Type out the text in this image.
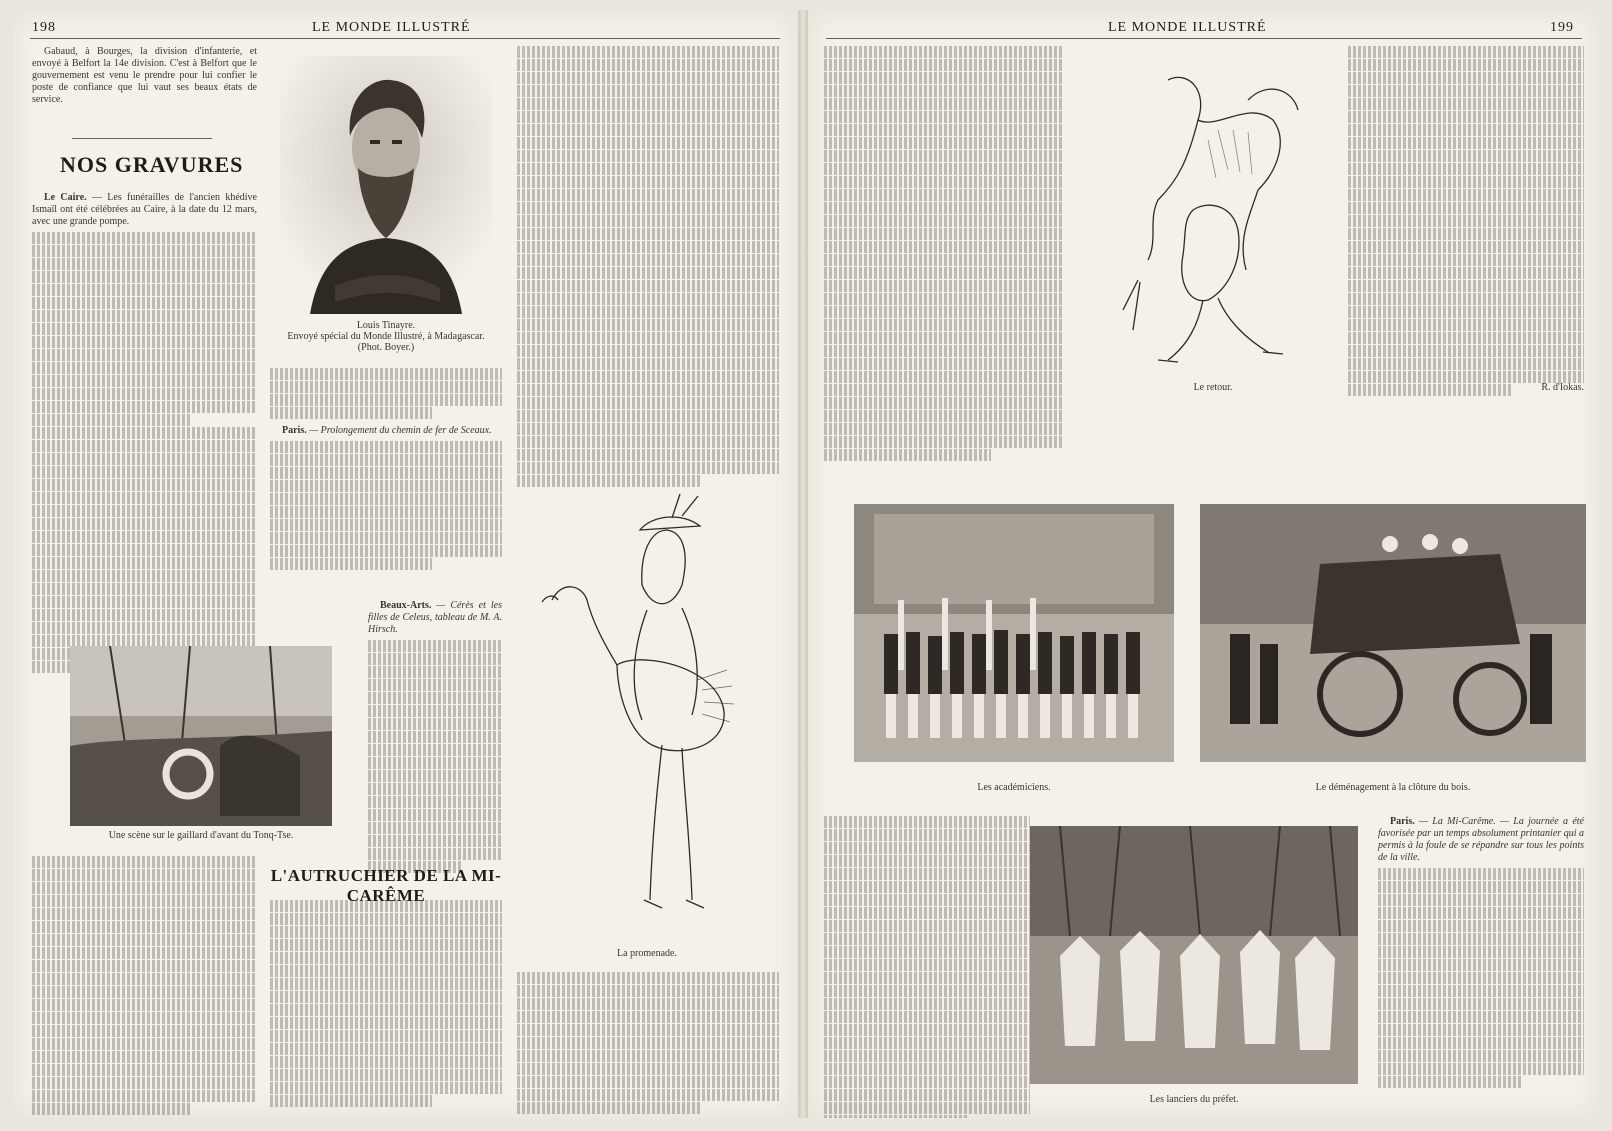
198	LE MONDE ILLUSTRÉ

Gabaud, à Bourges, la division d'infanterie, et envoyé à Belfort la 14e division. C'est à Belfort que le gouvernement est venu le prendre pour lui confier le poste de confiance que lui vaut ses beaux états de service.

NOS GRAVURES

Le Caire. — Les funérailles de l'ancien khédive Ismaïl ont été célébrées au Caire, à la date du 12 mars, avec une grande pompe.

Louis Tinayre.
Envoyé spécial du Monde Illustré, à Madagascar.
(Phot. Boyer.)

Paris. — Prolongement du chemin de fer de Sceaux.

Beaux-Arts. — Cérès et les filles de Celeus, tableau de M. A. Hirsch.

Une scène sur le gaillard d'avant du Tonq-Tse.
L'AUTRUCHIER DE LA MI-CARÊME
La promenade.
LE MONDE ILLUSTRÉ	199
Le retour.	R. d'Iokas.
Les académiciens.	Le déménagement à la clôture du bois.
Les lanciers du préfet.

Paris. — La Mi-Carême. — La journée a été favorisée par un temps absolument printanier qui a permis à la foule de se répandre sur tous les points de la ville.
